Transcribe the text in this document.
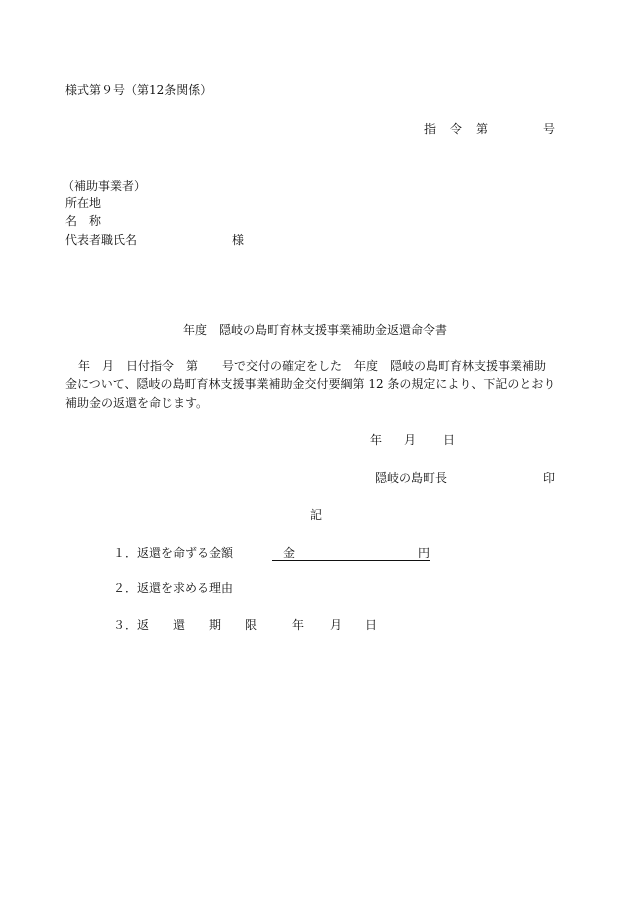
様式第９号（第12条関係）
指　令　第	号
（補助事業者）
所在地
名　称
代表者職氏名	様
年度　隠岐の島町育林支援事業補助金返還命令書
年　月　日付指令　第　　号で交付の確定をした　年度　隠岐の島町育林支援事業補助
金について、隠岐の島町育林支援事業補助金交付要綱第 12 条の規定により、下記のとおり
補助金の返還を命じます。
年 月 日
隠岐の島町長	印
記
１．返還を命ずる金額

	金

	円

２．返還を求める理由
３．返　　還　　期　　限	年 月 日
